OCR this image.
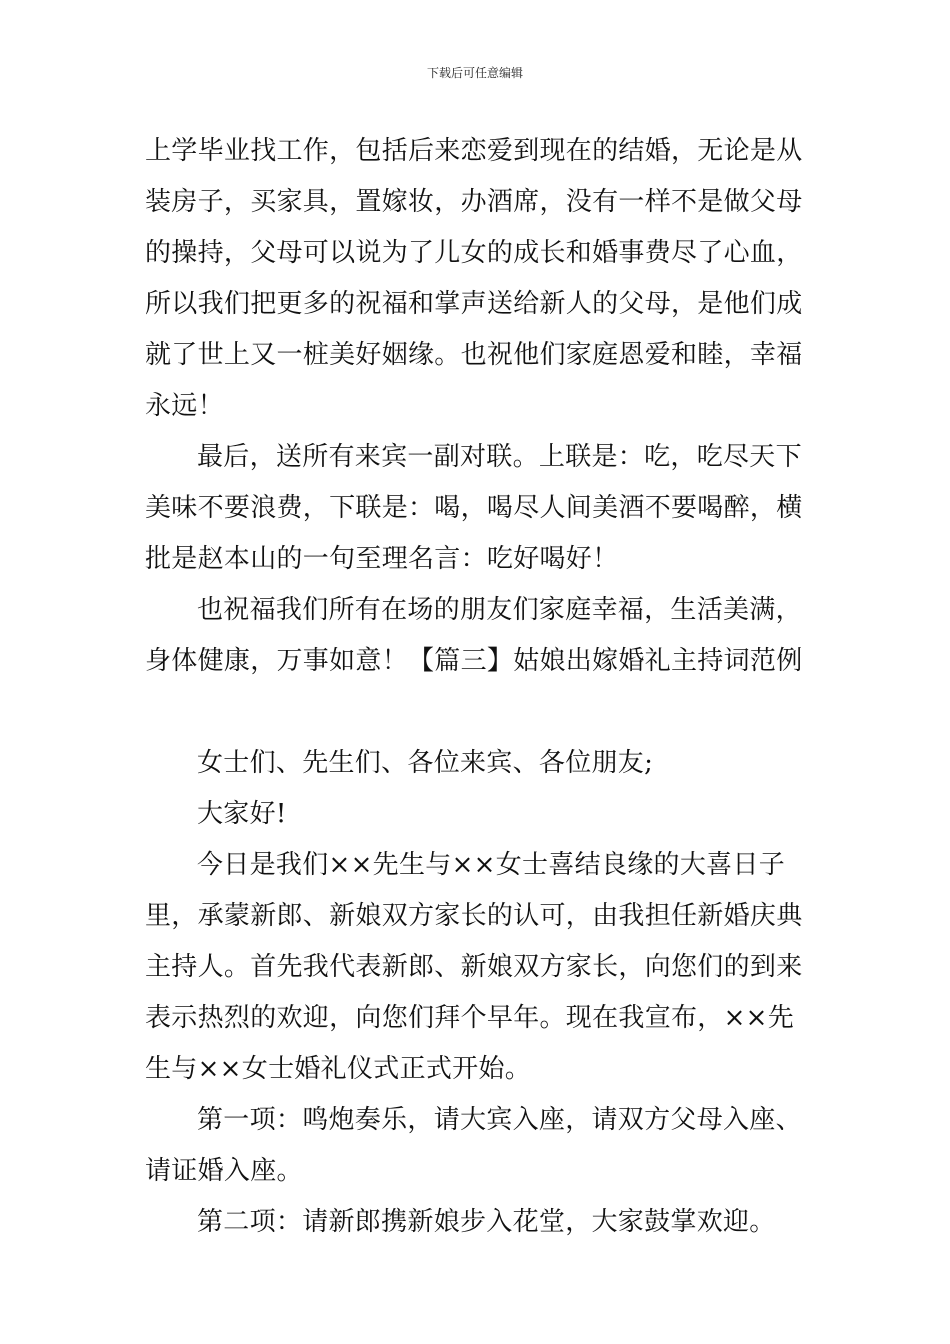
下载后可任意编辑
上学毕业找工作，包括后来恋爱到现在的结婚，无论是从
装房子，买家具，置嫁妆，办酒席，没有一样不是做父母
的操持，父母可以说为了儿女的成长和婚事费尽了心血，
所以我们把更多的祝福和掌声送给新人的父母，是他们成
就了世上又一桩美好姻缘。也祝他们家庭恩爱和睦，幸福
永远！
最后，送所有来宾一副对联。上联是：吃，吃尽天下
美味不要浪费，下联是：喝，喝尽人间美酒不要喝醉，横
批是赵本山的一句至理名言：吃好喝好！
也祝福我们所有在场的朋友们家庭幸福，生活美满，
身体健康，万事如意！【篇三】姑娘出嫁婚礼主持词范例
女士们、先生们、各位来宾、各位朋友;
大家好!
今日是我们××先生与××女士喜结良缘的大喜日子
里，承蒙新郎、新娘双方家长的认可，由我担任新婚庆典
主持人。首先我代表新郎、新娘双方家长，向您们的到来
表示热烈的欢迎，向您们拜个早年。现在我宣布，××先
生与××女士婚礼仪式正式开始。
第一项：鸣炮奏乐，请大宾入座，请双方父母入座、
请证婚入座。
第二项：请新郎携新娘步入花堂，大家鼓掌欢迎。
